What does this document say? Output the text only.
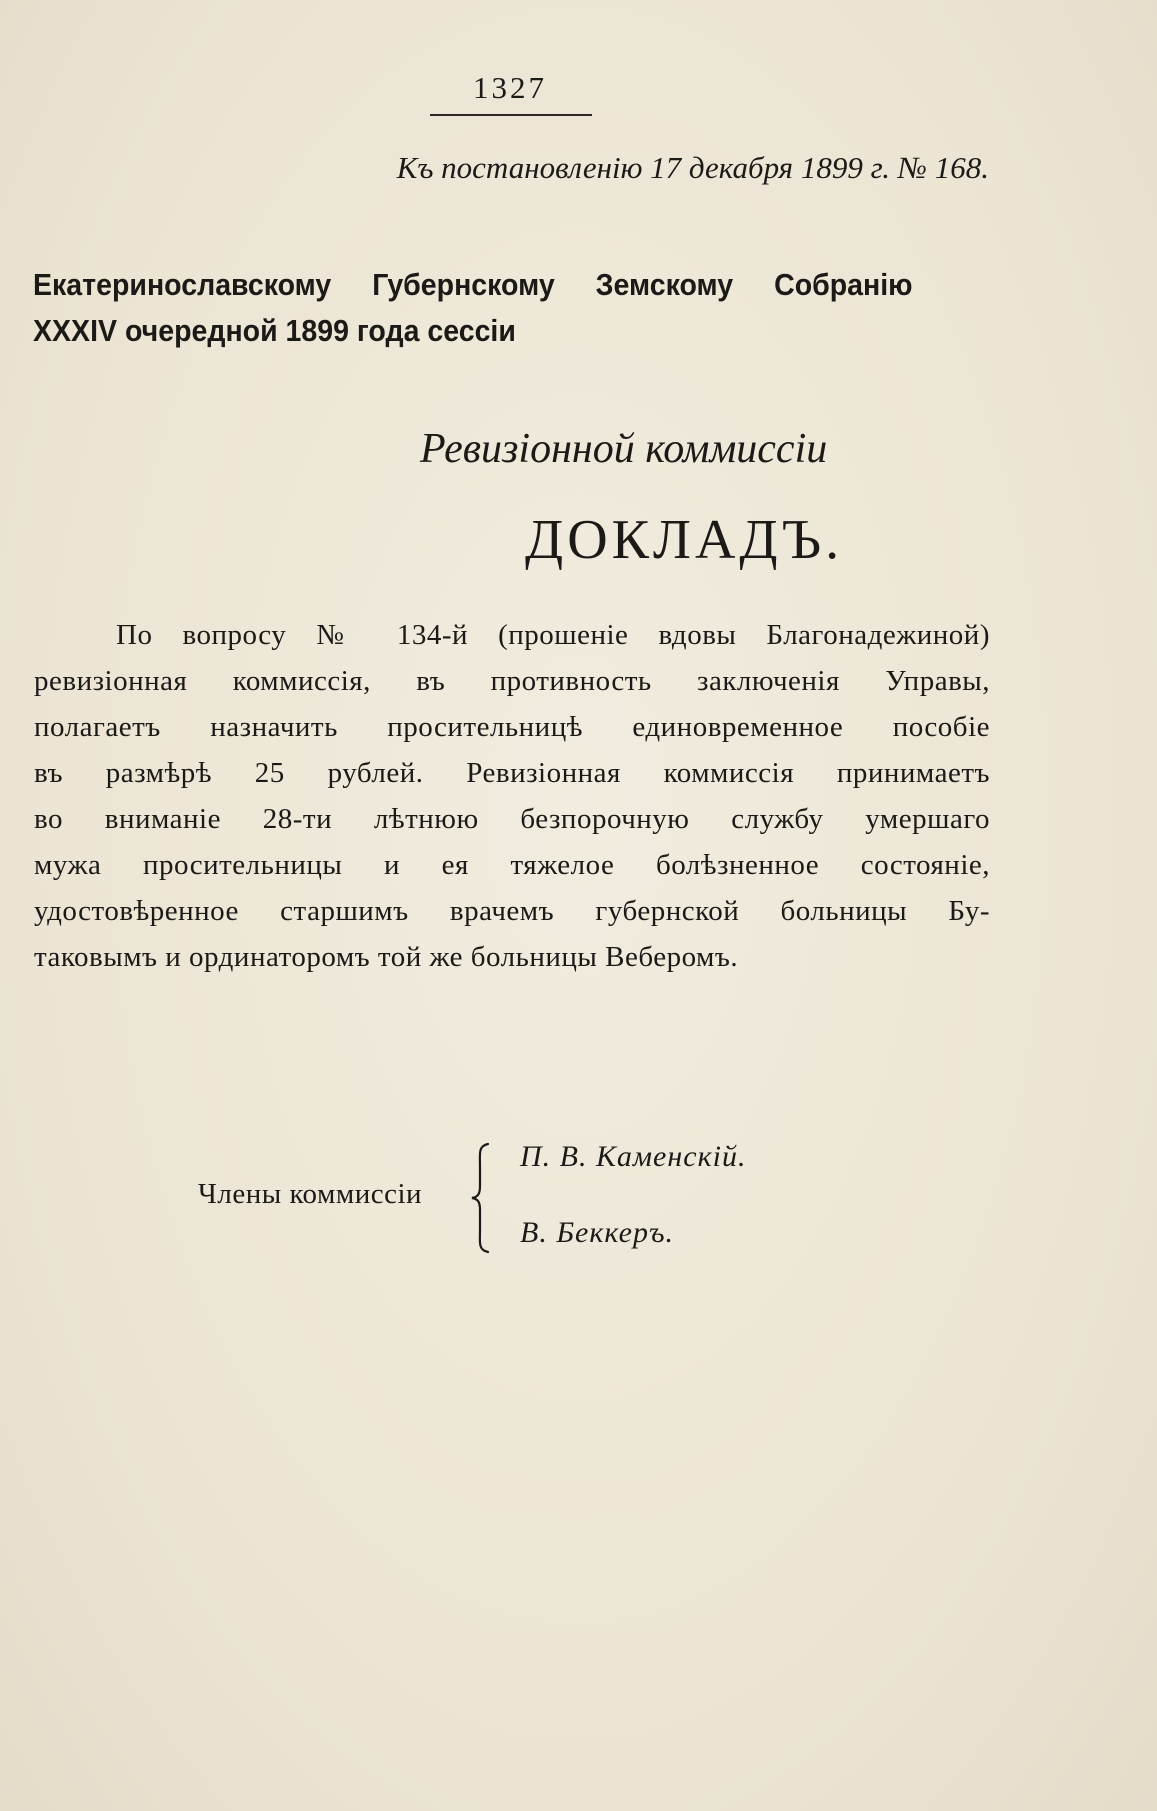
1327
Къ постановленію 17 декабря 1899 г. № 168.
Екатеринославскому Губернскому Земскому Собранію
XXXIV очередной 1899 года сессіи
Ревизіонной коммиссіи
ДОКЛАДЪ.
По вопросу № 134-й (прошеніе вдовы Благонадежиной)
ревизіонная коммиссія, въ противность заключенія Управы,
полагаетъ назначить просительницѣ единовременное пособіе
въ размѣрѣ 25 рублей. Ревизіонная коммиссія принимаетъ
во вниманіе 28-ти лѣтнюю безпорочную службу умершаго
мужа просительницы и ея тяжелое болѣзненное состояніе,
удостовѣренное старшимъ врачемъ губернской больницы Бу-
таковымъ и ординаторомъ той же больницы Веберомъ.
Члены коммиссіи
П. В. Каменскій.
В. Беккеръ.
